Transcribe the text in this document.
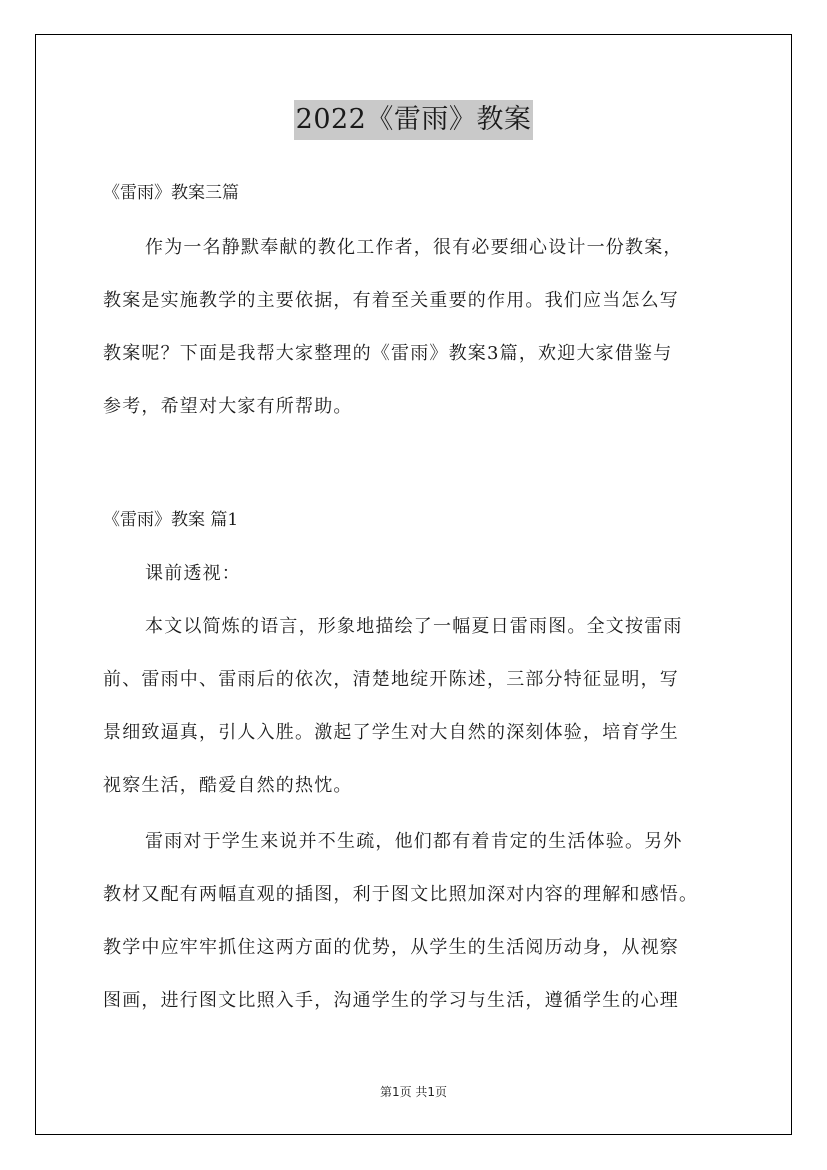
2022《雷雨》教案
《雷雨》教案三篇
作为一名静默奉献的教化工作者，很有必要细心设计一份教案，
教案是实施教学的主要依据，有着至关重要的作用。我们应当怎么写
教案呢？下面是我帮大家整理的《雷雨》教案3篇，欢迎大家借鉴与
参考，希望对大家有所帮助。
《雷雨》教案 篇1
课前透视：
本文以简炼的语言，形象地描绘了一幅夏日雷雨图。全文按雷雨
前、雷雨中、雷雨后的依次，清楚地绽开陈述，三部分特征显明，写
景细致逼真，引人入胜。激起了学生对大自然的深刻体验，培育学生
视察生活，酷爱自然的热忱。
雷雨对于学生来说并不生疏，他们都有着肯定的生活体验。另外
教材又配有两幅直观的插图，利于图文比照加深对内容的理解和感悟。
教学中应牢牢抓住这两方面的优势，从学生的生活阅历动身，从视察
图画，进行图文比照入手，沟通学生的学习与生活，遵循学生的心理
第1页 共1页
